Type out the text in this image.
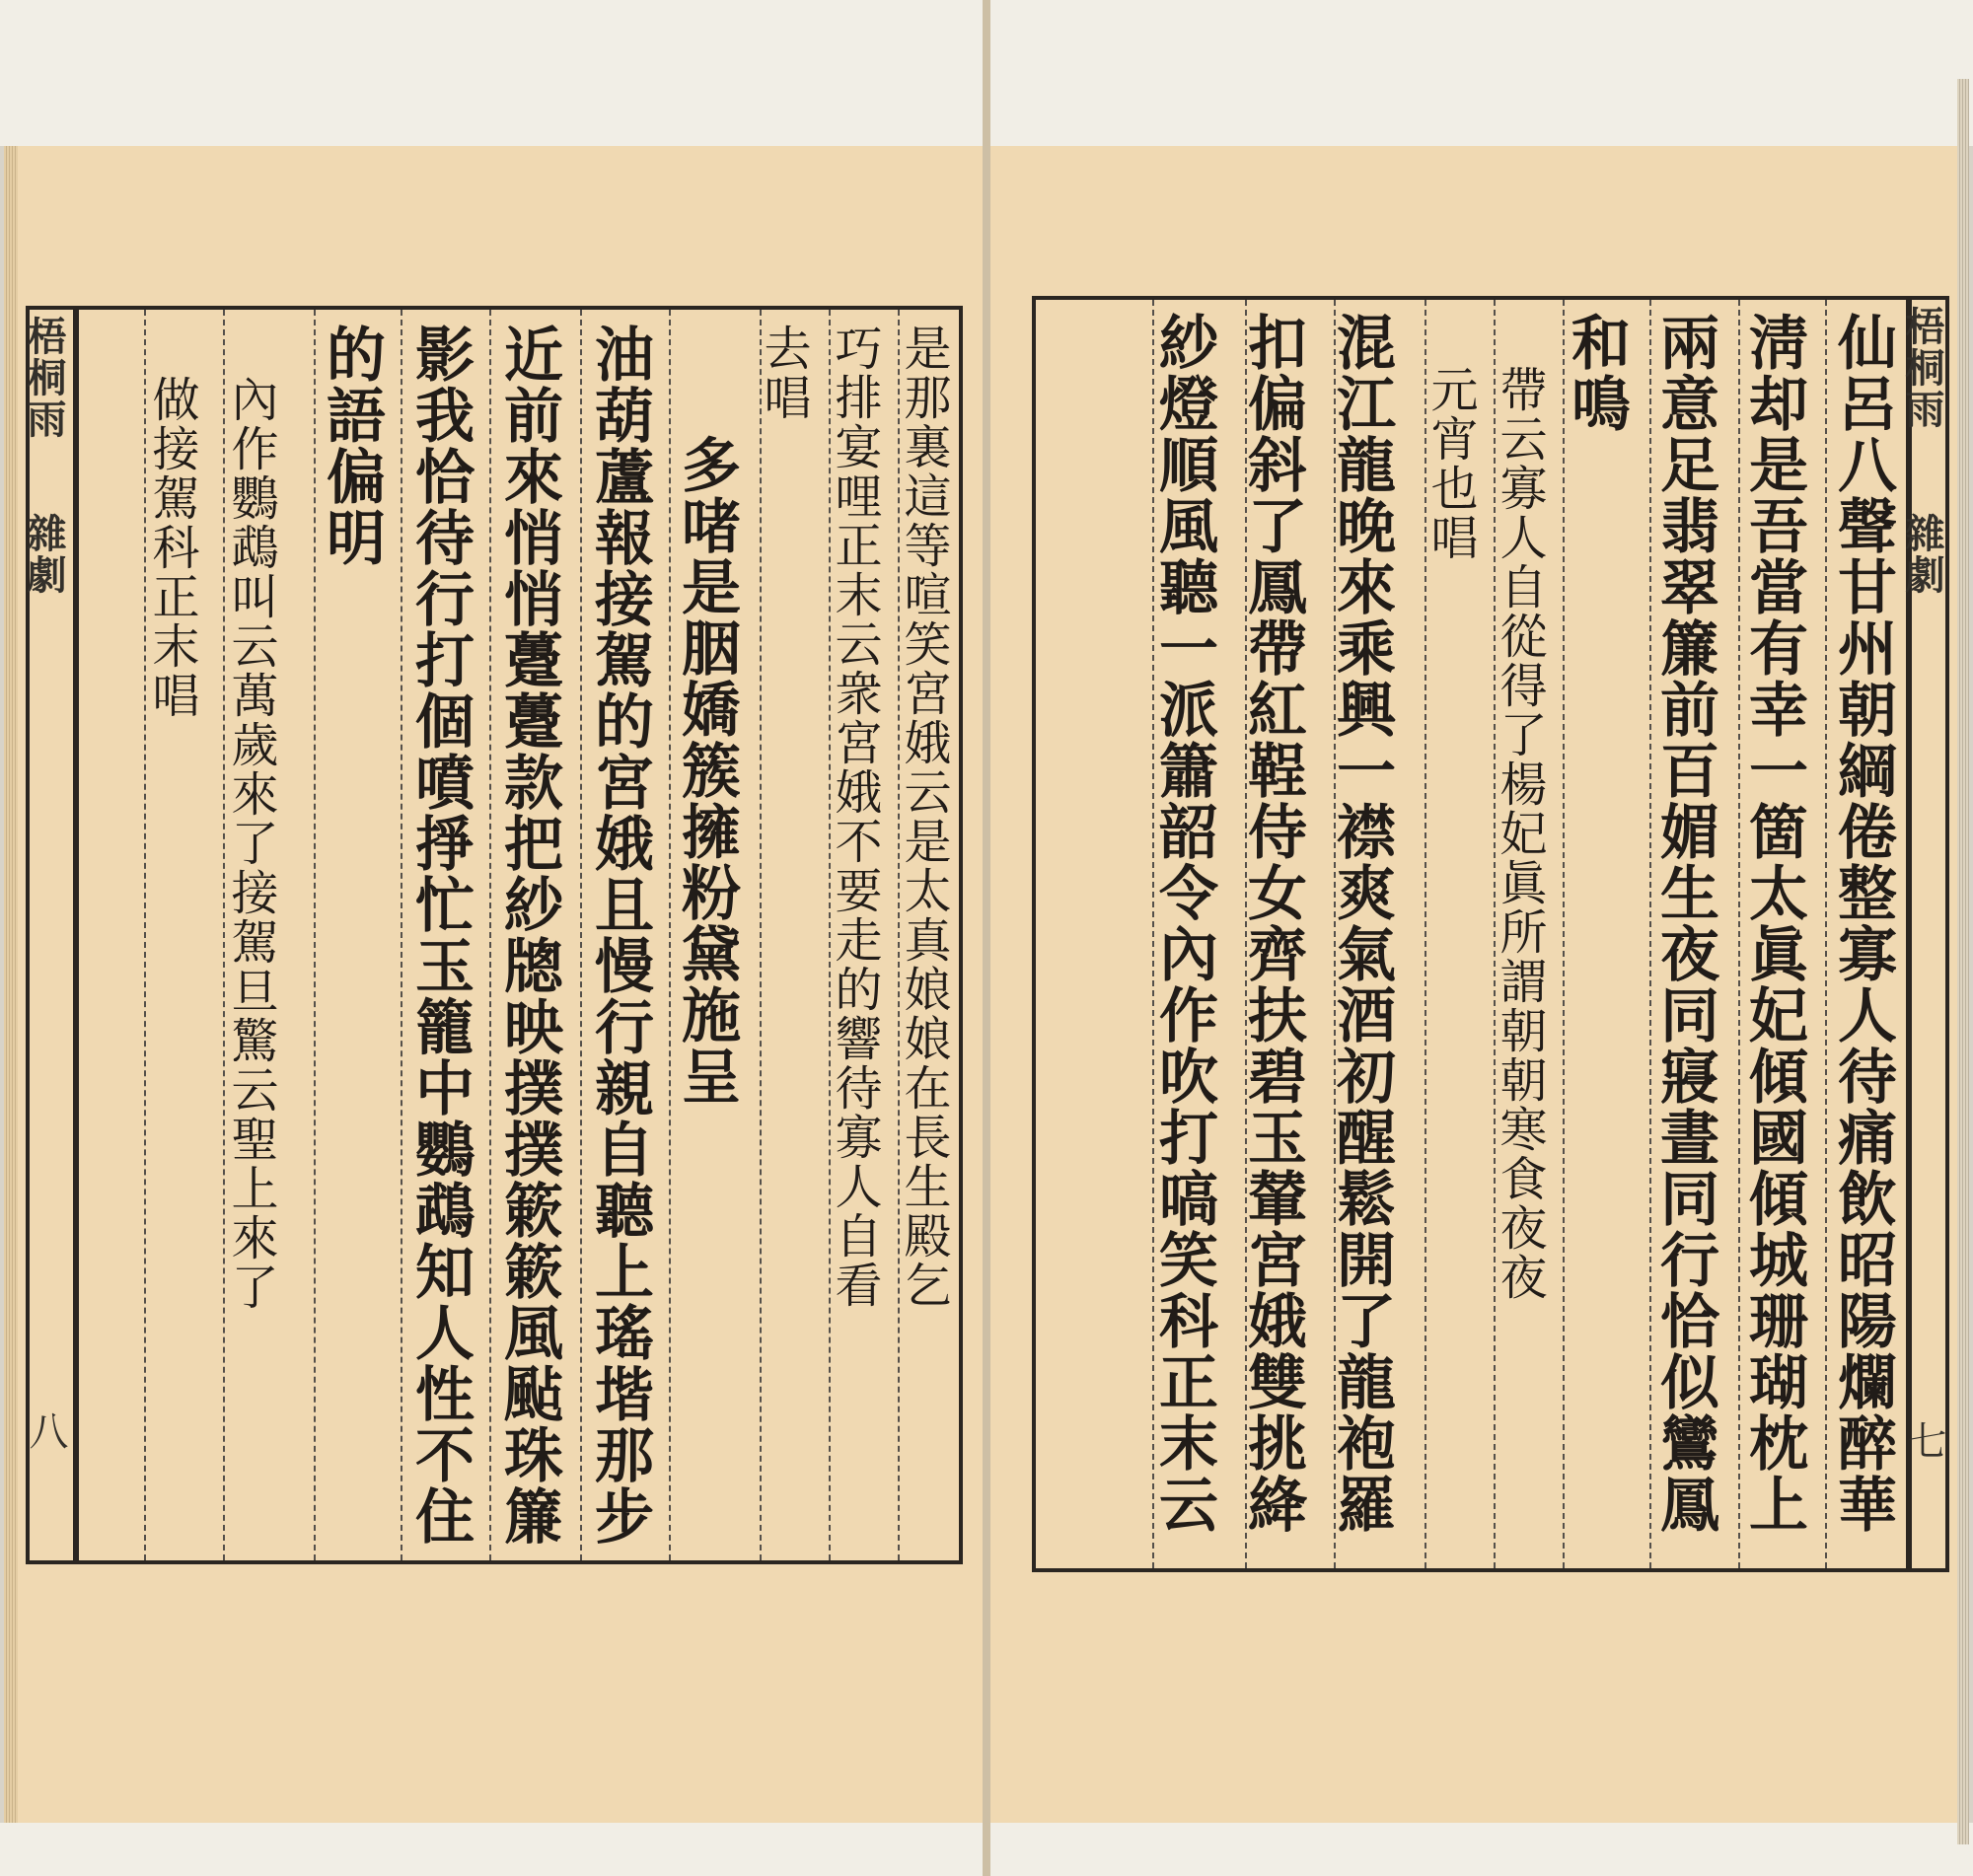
梧桐雨
雜劇
八
是那裏這等喧笑宮娥云是太真娘娘在長生殿乞
巧排宴哩正末云衆宮娥不要走的響待寡人自看
去唱
多啫是胭嬌簇擁粉黛施呈
油葫蘆報接駕的宮娥且慢行親自聽上瑤堦那步
近前來悄悄躉躉款把紗牕映撲撲簌簌風颭珠簾
影我恰待行打個噴掙忙玉籠中鸚鵡知人性不住
的語偏明
內作鸚鵡叫云萬歲來了接駕旦驚云聖上來了
做接駕科正末唱
梧桐雨
雜劇
七
仙呂八聲甘州朝綱倦整寡人待痛飲昭陽爛醉華
淸却是吾當有幸一箇太眞妃傾國傾城珊瑚枕上
兩意足翡翠簾前百媚生夜同寢晝同行恰似鸞鳳
和鳴
帶云寡人自從得了楊妃眞所謂朝朝寒食夜夜
元宵也唱
混江龍晚來乘興一襟爽氣酒初醒鬆開了龍袍羅
扣偏斜了鳳帶紅鞓侍女齊扶碧玉輦宮娥雙挑絳
紗燈順風聽一派簫韶令內作吹打嗃笑科正末云
